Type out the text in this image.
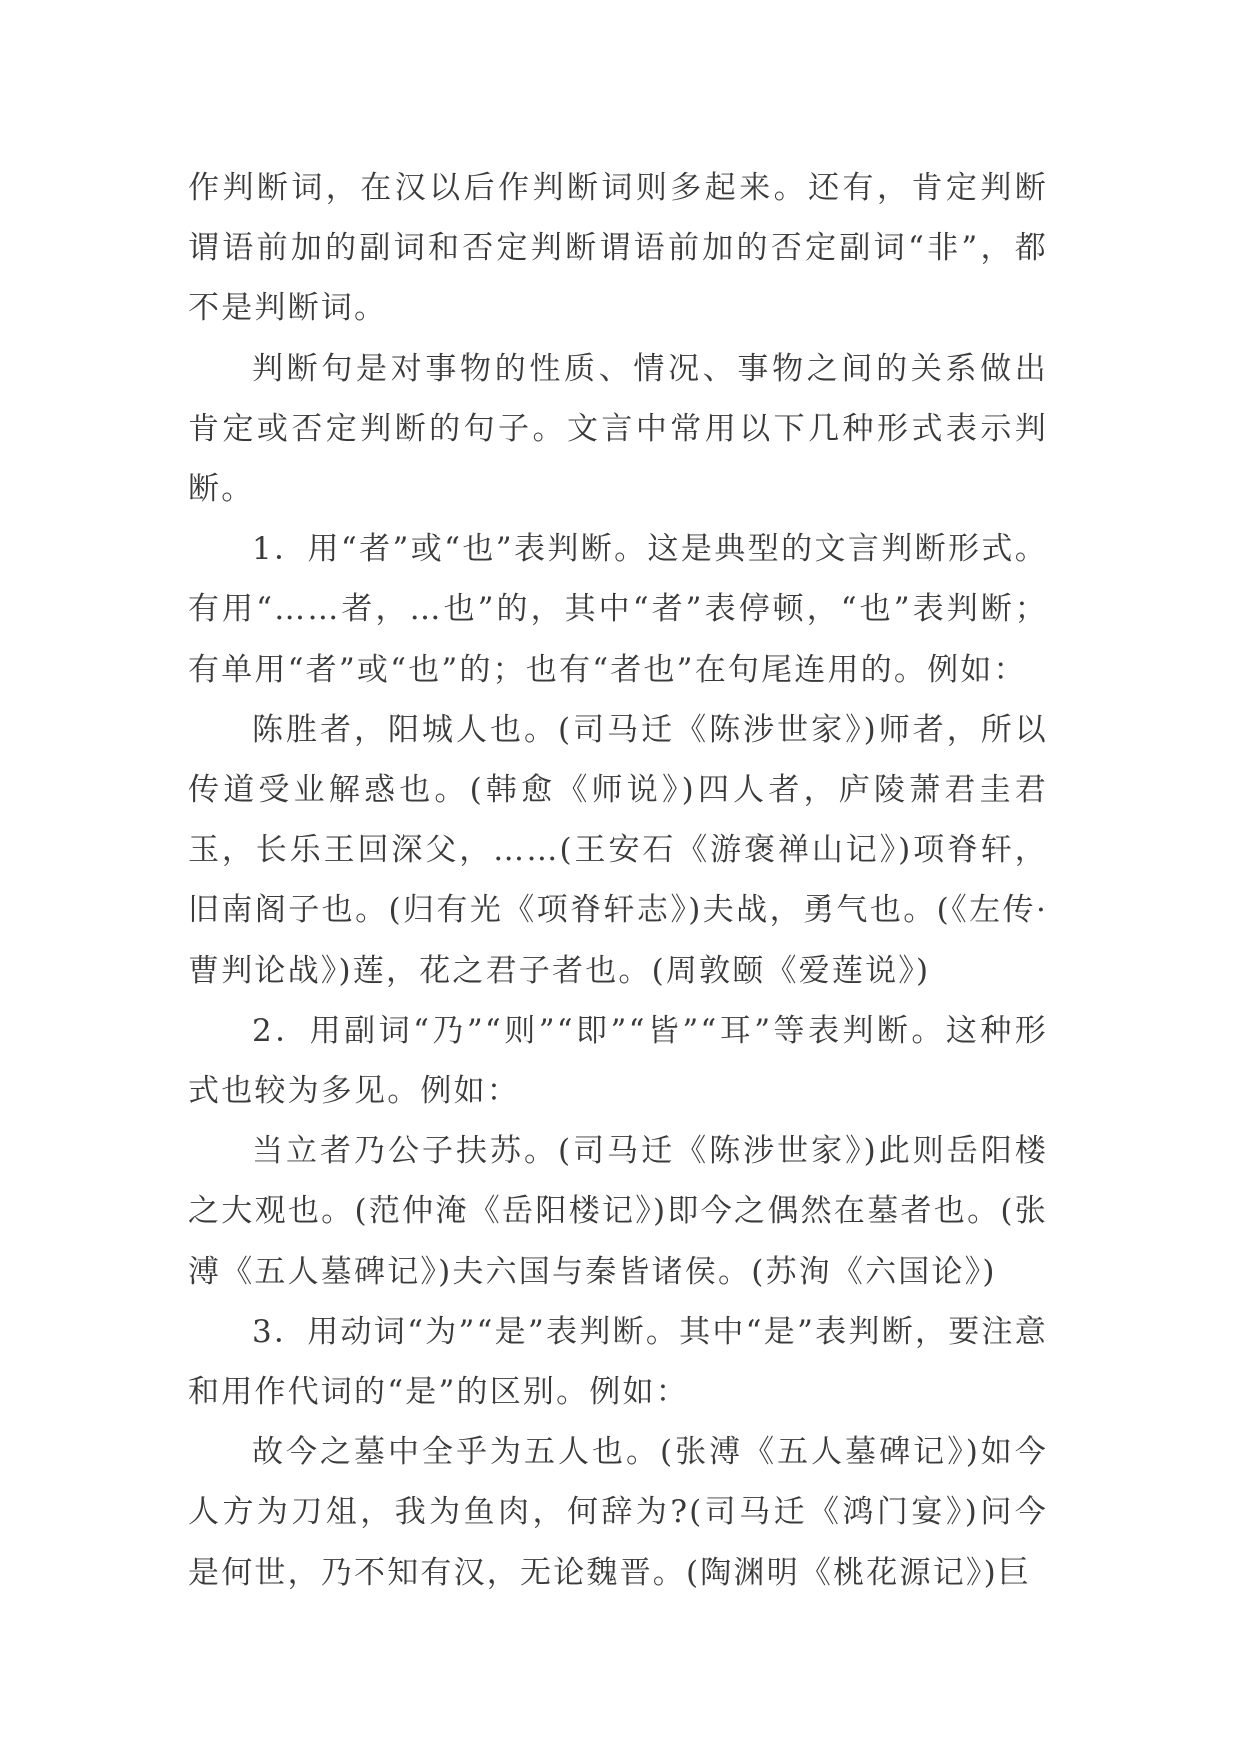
作判断词，在汉以后作判断词则多起来。还有，肯定判断谓语前加的副词和否定判断谓语前加的否定副词“非”，都不是判断词。

判断句是对事物的性质、情况、事物之间的关系做出肯定或否定判断的句子。文言中常用以下几种形式表示判断。

1．用“者”或“也”表判断。这是典型的文言判断形式。有用“……者，…也”的，其中“者”表停顿，“也”表判断；有单用“者”或“也”的；也有“者也”在句尾连用的。例如：

陈胜者，阳城人也。(司马迁《陈涉世家》)师者，所以传道受业解惑也。(韩愈《师说》)四人者，庐陵萧君圭君玉，长乐王回深父，……(王安石《游褒禅山记》)项脊轩，旧南阁子也。(归有光《项脊轩志》)夫战，勇气也。(《左传·曹判论战》)莲，花之君子者也。(周敦颐《爱莲说》)

2．用副词“乃”“则”“即”“皆”“耳”等表判断。这种形式也较为多见。例如：

当立者乃公子扶苏。(司马迁《陈涉世家》)此则岳阳楼之大观也。(范仲淹《岳阳楼记》)即今之偶然在墓者也。(张溥《五人墓碑记》)夫六国与秦皆诸侯。(苏洵《六国论》)

3．用动词“为”“是”表判断。其中“是”表判断，要注意和用作代词的“是”的区别。例如：

故今之墓中全乎为五人也。(张溥《五人墓碑记》)如今人方为刀俎，我为鱼肉，何辞为?(司马迁《鸿门宴》)问今是何世，乃不知有汉，无论魏晋。(陶渊明《桃花源记》)巨
